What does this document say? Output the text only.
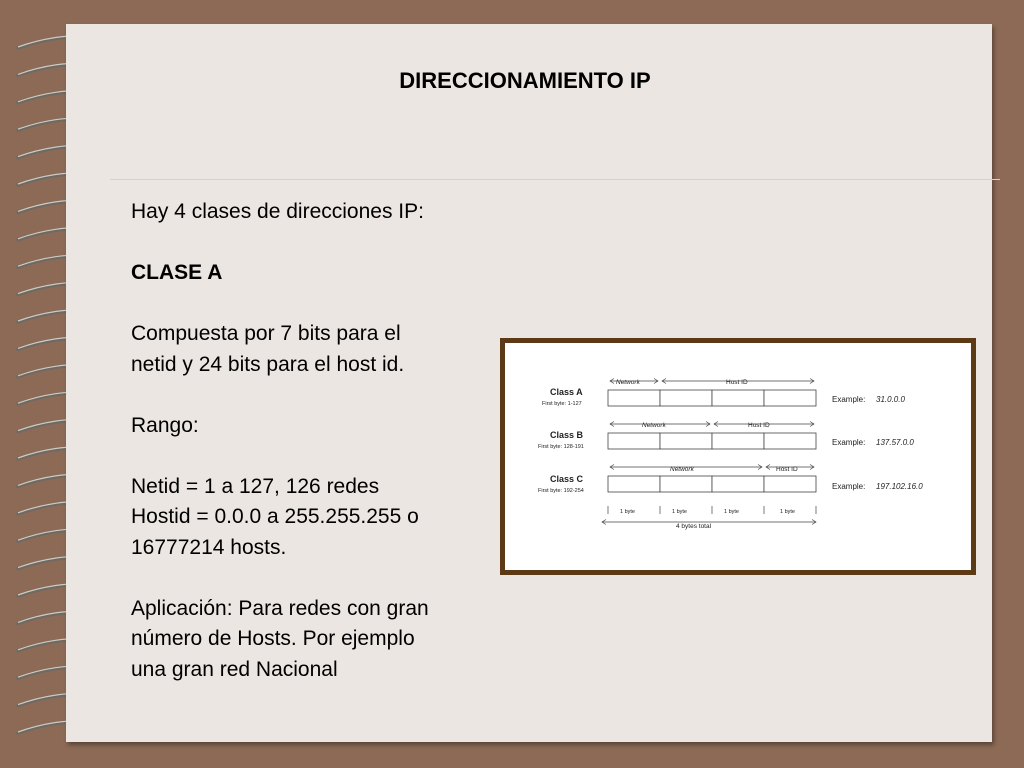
DIRECCIONAMIENTO IP

Hay 4 clases de direcciones IP:

CLASE A

Compuesta por 7 bits para el
netid y 24 bits para el host id.

Rango:

Netid = 1 a 127, 126 redes
Hostid = 0.0.0 a 255.255.255 o
16777214 hosts.

Aplicación: Para redes con gran
número de Hosts. Por ejemplo
una gran red Nacional

Class A
First byte: 1-127
Network	Host ID
Example: 31.0.0.0
Class B
First byte: 128-191
Network	Host ID
Example: 137.57.0.0
Class C
First byte: 192-254
Network	Host ID
Example: 197.102.16.0
1 byte	1 byte	1 byte	1 byte
4 bytes total
